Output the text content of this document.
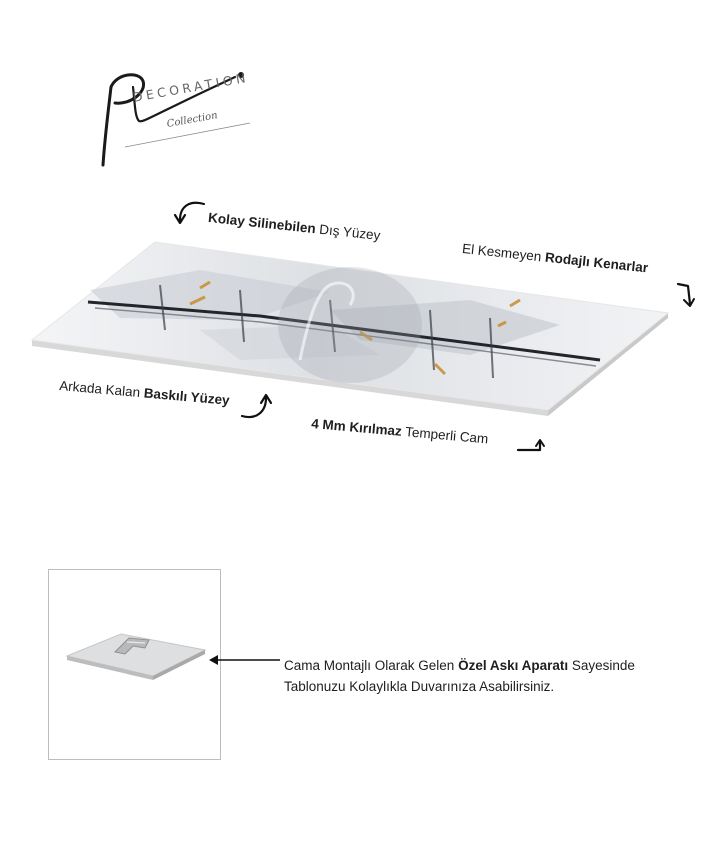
DECORATION
Collection
Kolay Silinebilen Dış Yüzey
El Kesmeyen Rodajlı Kenarlar
Arkada Kalan Baskılı Yüzey
4 Mm Kırılmaz Temperli Cam
Cama Montajlı Olarak Gelen Özel Askı Aparatı Sayesinde
Tablonuzu Kolaylıkla Duvarınıza Asabilirsiniz.
